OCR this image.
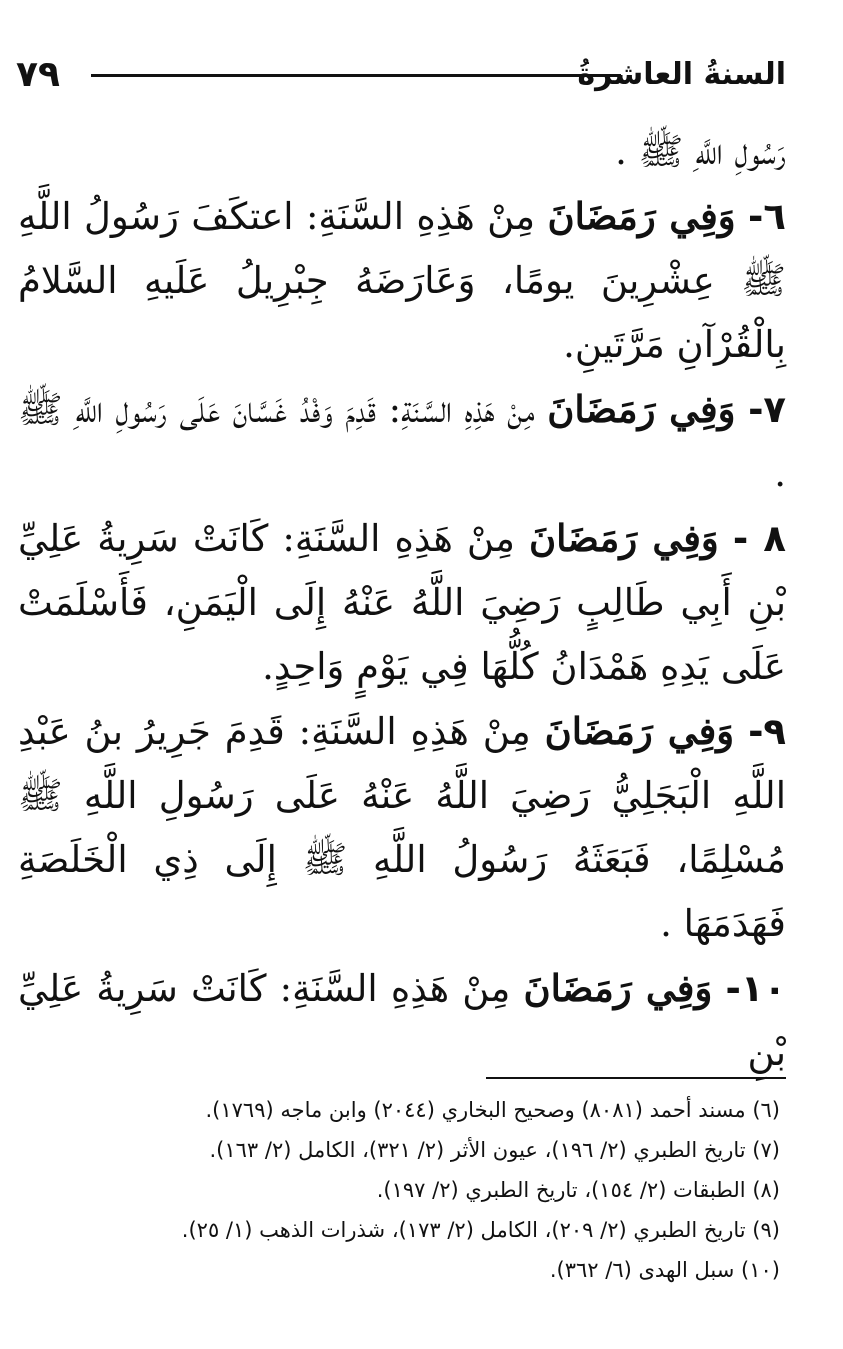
٧٩	السنةُ العاشرةُ

رَسُولِ اللَّهِ ﷺ .

٦- وَفِي رَمَضَانَ مِنْ هَذِهِ السَّنَةِ: اعتكَفَ رَسُولُ اللَّهِ ﷺ عِشْرِينَ يومًا، وَعَارَضَهُ جِبْرِيلُ عَلَيهِ السَّلامُ بِالْقُرْآنِ مَرَّتَينِ.

٧- وَفِي رَمَضَانَ مِنْ هَذِهِ السَّنَةِ: قَدِمَ وَفْدُ غَسَّانَ عَلَى رَسُولِ اللَّهِ ﷺ .

٨ - وَفِي رَمَضَانَ مِنْ هَذِهِ السَّنَةِ: كَانَتْ سَرِيةُ عَلِيِّ بْنِ أَبِي طَالِبٍ رَضِيَ اللَّهُ عَنْهُ إِلَى الْيَمَنِ، فَأَسْلَمَتْ عَلَى يَدِهِ هَمْدَانُ كُلُّهَا فِي يَوْمٍ وَاحِدٍ.

٩- وَفِي رَمَضَانَ مِنْ هَذِهِ السَّنَةِ: قَدِمَ جَرِيرُ بنُ عَبْدِ اللَّهِ الْبَجَلِيُّ رَضِيَ اللَّهُ عَنْهُ عَلَى رَسُولِ اللَّهِ ﷺ مُسْلِمًا، فَبَعَثَهُ رَسُولُ اللَّهِ ﷺ إِلَى ذِي الْخَلَصَةِ فَهَدَمَهَا .

١٠- وَفِي رَمَضَانَ مِنْ هَذِهِ السَّنَةِ: كَانَتْ سَرِيةُ عَلِيِّ بْنِ

(٦) مسند أحمد (٨٠٨١) وصحيح البخاري (٢٠٤٤) وابن ماجه (١٧٦٩).

(٧) تاريخ الطبري (٢/ ١٩٦)، عيون الأثر (٢/ ٣٢١)، الكامل (٢/ ١٦٣).

(٨) الطبقات (٢/ ١٥٤)، تاريخ الطبري (٢/ ١٩٧).

(٩) تاريخ الطبري (٢/ ٢٠٩)، الكامل (٢/ ١٧٣)، شذرات الذهب (١/ ٢٥).

(١٠) سبل الهدى (٦/ ٣٦٢).
